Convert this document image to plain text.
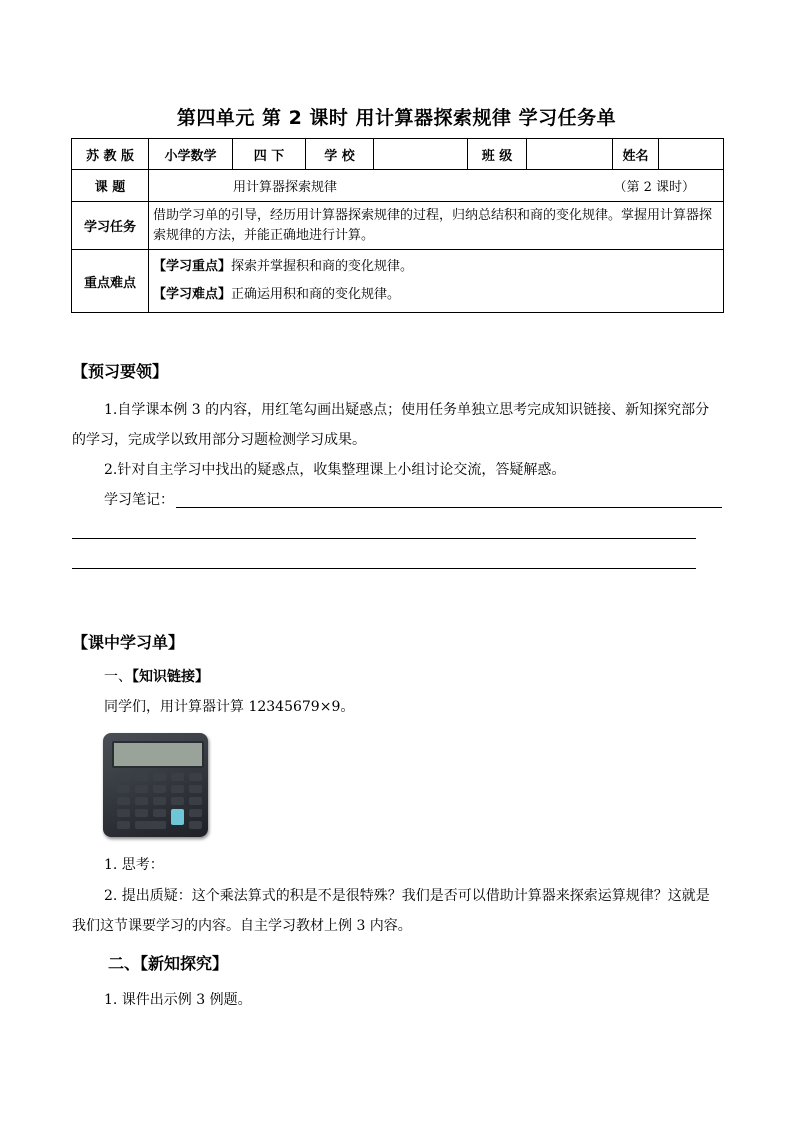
第四单元 第 2 课时 用计算器探索规律 学习任务单
苏 教 版	小学数学	四 下	学 校		班 级		姓名	
课 题	用计算器探索规律 （第 2 课时）							

学习任务	借助学习单的引导，经历用计算器探索规律的过程，归纳总结积和商的变化规律。掌握用计算器探索规律的方法，并能正确地进行计算。							
重点难点	【学习重点】探索并掌握积和商的变化规律。
【学习难点】正确运用积和商的变化规律。							
【预习要领】
1.自学课本例 3 的内容，用红笔勾画出疑惑点；使用任务单独立思考完成知识链接、新知探究部分的学习，完成学以致用部分习题检测学习成果。
2.针对自主学习中找出的疑惑点，收集整理课上小组讨论交流，答疑解惑。
学习笔记：
【课中学习单】
一、【知识链接】
同学们，用计算器计算 12345679×9。
1. 思考：
2. 提出质疑：这个乘法算式的积是不是很特殊？我们是否可以借助计算器来探索运算规律？这就是我们这节课要学习的内容。自主学习教材上例 3 内容。
二、【新知探究】
1. 课件出示例 3 例题。
